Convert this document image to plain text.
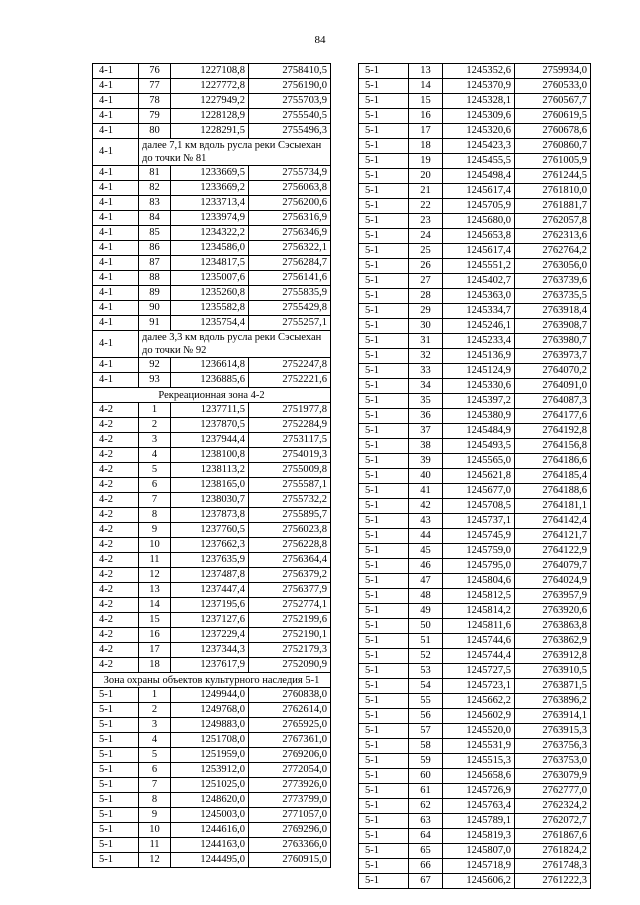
84
4-1	76	1227108,8	2758410,5
4-1	77	1227772,8	2756190,0
4-1	78	1227949,2	2755703,9
4-1	79	1228128,9	2755540,5
4-1	80	1228291,5	2755496,3
4-1	далее 7,1 км вдоль русла реки Сэсыехан до точки № 81		
4-1	81	1233669,5	2755734,9
4-1	82	1233669,2	2756063,8
4-1	83	1233713,4	2756200,6
4-1	84	1233974,9	2756316,9
4-1	85	1234322,2	2756346,9
4-1	86	1234586,0	2756322,1
4-1	87	1234817,5	2756284,7
4-1	88	1235007,6	2756141,6
4-1	89	1235260,8	2755835,9
4-1	90	1235582,8	2755429,8
4-1	91	1235754,4	2755257,1
4-1	далее 3,3 км вдоль русла реки Сэсыехан до точки № 92		
4-1	92	1236614,8	2752247,8
4-1	93	1236885,6	2752221,6
Рекреационная зона 4-2			
4-2	1	1237711,5	2751977,8
4-2	2	1237870,5	2752284,9
4-2	3	1237944,4	2753117,5
4-2	4	1238100,8	2754019,3
4-2	5	1238113,2	2755009,8
4-2	6	1238165,0	2755587,1
4-2	7	1238030,7	2755732,2
4-2	8	1237873,8	2755895,7
4-2	9	1237760,5	2756023,8
4-2	10	1237662,3	2756228,8
4-2	11	1237635,9	2756364,4
4-2	12	1237487,8	2756379,2
4-2	13	1237447,4	2756377,9
4-2	14	1237195,6	2752774,1
4-2	15	1237127,6	2752199,6
4-2	16	1237229,4	2752190,1
4-2	17	1237344,3	2752179,3
4-2	18	1237617,9	2752090,9
Зона охраны объектов культурного наследия 5-1			
5-1	1	1249944,0	2760838,0
5-1	2	1249768,0	2762614,0
5-1	3	1249883,0	2765925,0
5-1	4	1251708,0	2767361,0
5-1	5	1251959,0	2769206,0
5-1	6	1253912,0	2772054,0
5-1	7	1251025,0	2773926,0
5-1	8	1248620,0	2773799,0
5-1	9	1245003,0	2771057,0
5-1	10	1244616,0	2769296,0
5-1	11	1244163,0	2763366,0
5-1	12	1244495,0	2760915,0
5-1	13	1245352,6	2759934,0
5-1	14	1245370,9	2760533,0
5-1	15	1245328,1	2760567,7
5-1	16	1245309,6	2760619,5
5-1	17	1245320,6	2760678,6
5-1	18	1245423,3	2760860,7
5-1	19	1245455,5	2761005,9
5-1	20	1245498,4	2761244,5
5-1	21	1245617,4	2761810,0
5-1	22	1245705,9	2761881,7
5-1	23	1245680,0	2762057,8
5-1	24	1245653,8	2762313,6
5-1	25	1245617,4	2762764,2
5-1	26	1245551,2	2763056,0
5-1	27	1245402,7	2763739,6
5-1	28	1245363,0	2763735,5
5-1	29	1245334,7	2763918,4
5-1	30	1245246,1	2763908,7
5-1	31	1245233,4	2763980,7
5-1	32	1245136,9	2763973,7
5-1	33	1245124,9	2764070,2
5-1	34	1245330,6	2764091,0
5-1	35	1245397,2	2764087,3
5-1	36	1245380,9	2764177,6
5-1	37	1245484,9	2764192,8
5-1	38	1245493,5	2764156,8
5-1	39	1245565,0	2764186,6
5-1	40	1245621,8	2764185,4
5-1	41	1245677,0	2764188,6
5-1	42	1245708,5	2764181,1
5-1	43	1245737,1	2764142,4
5-1	44	1245745,9	2764121,7
5-1	45	1245759,0	2764122,9
5-1	46	1245795,0	2764079,7
5-1	47	1245804,6	2764024,9
5-1	48	1245812,5	2763957,9
5-1	49	1245814,2	2763920,6
5-1	50	1245811,6	2763863,8
5-1	51	1245744,6	2763862,9
5-1	52	1245744,4	2763912,8
5-1	53	1245727,5	2763910,5
5-1	54	1245723,1	2763871,5
5-1	55	1245662,2	2763896,2
5-1	56	1245602,9	2763914,1
5-1	57	1245520,0	2763915,3
5-1	58	1245531,9	2763756,3
5-1	59	1245515,3	2763753,0
5-1	60	1245658,6	2763079,9
5-1	61	1245726,9	2762777,0
5-1	62	1245763,4	2762324,2
5-1	63	1245789,1	2762072,7
5-1	64	1245819,3	2761867,6
5-1	65	1245807,0	2761824,2
5-1	66	1245718,9	2761748,3
5-1	67	1245606,2	2761222,3
